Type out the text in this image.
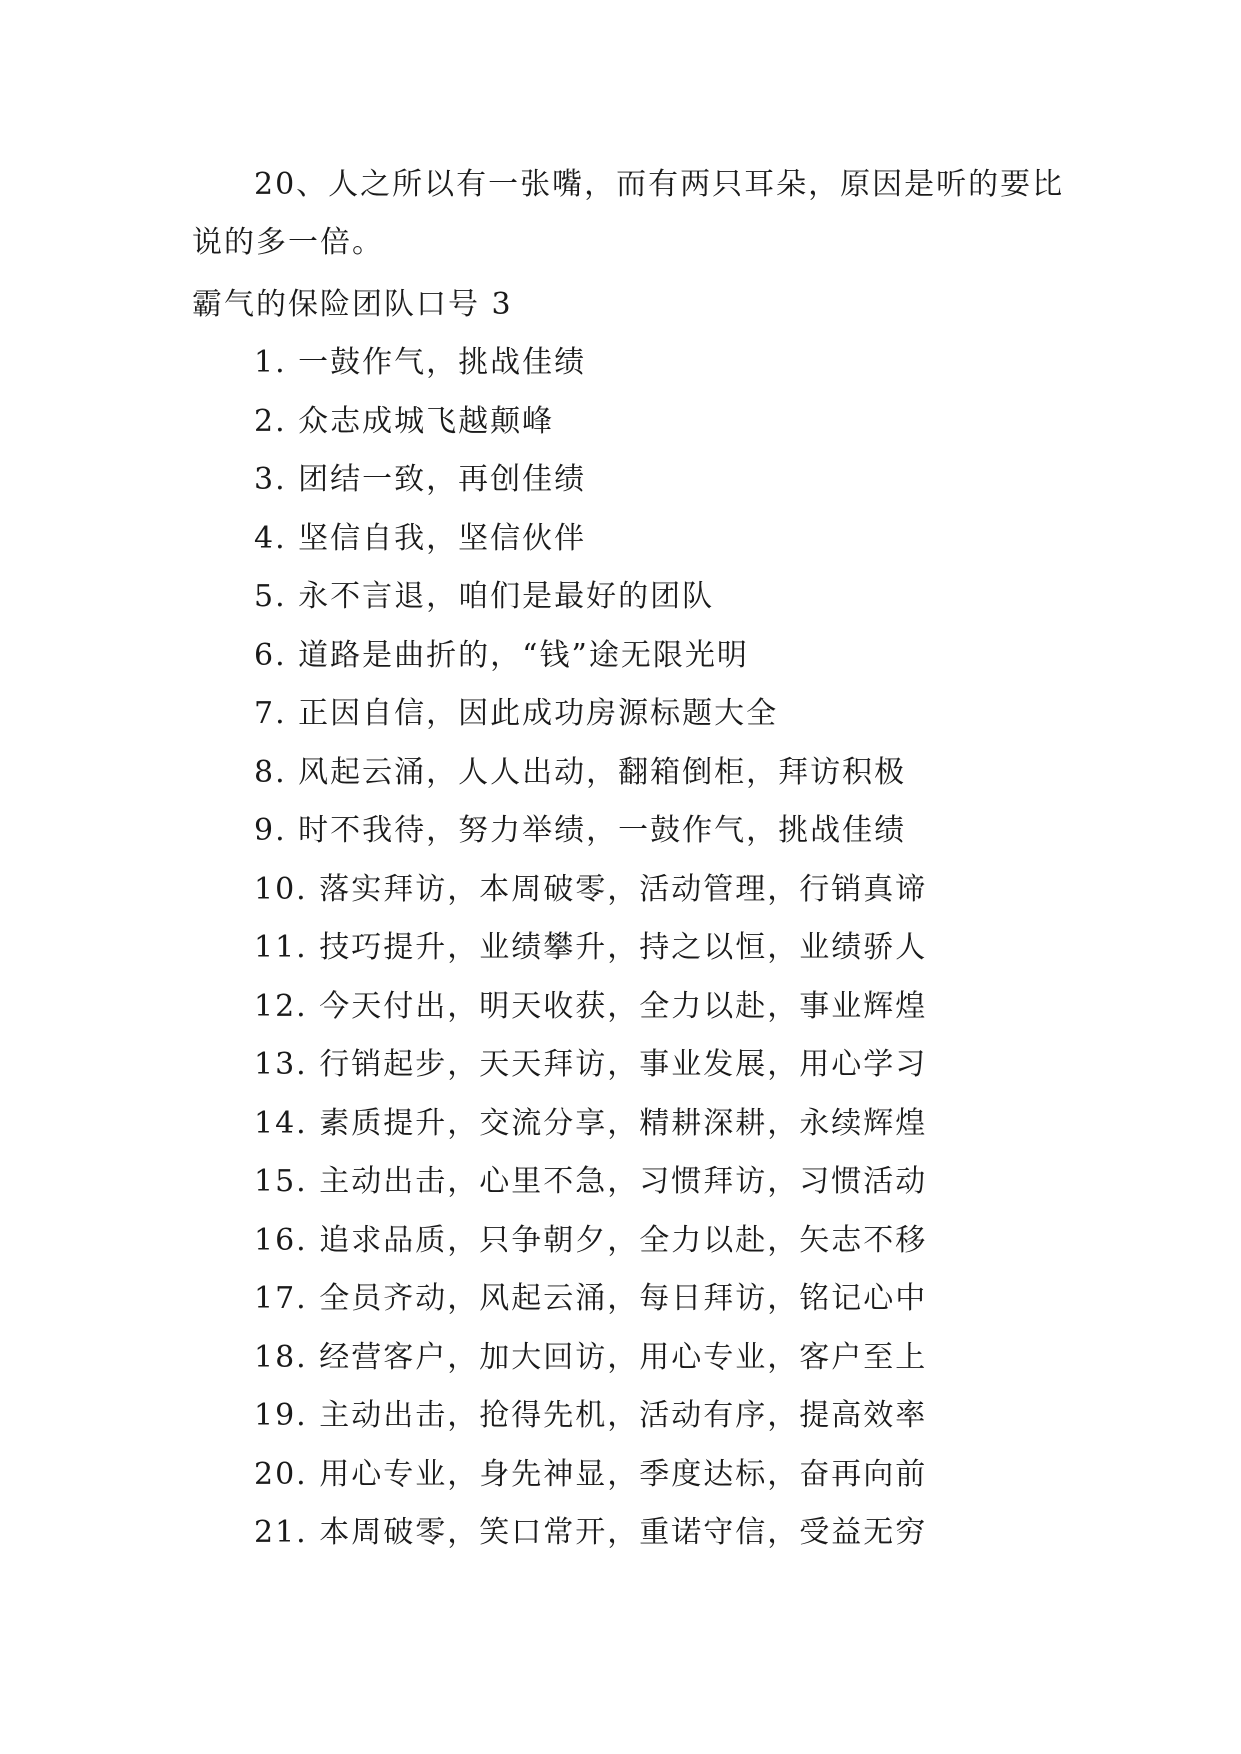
20、人之所以有一张嘴，而有两只耳朵，原因是听的要比说的多一倍。

霸气的保险团队口号 3
1. 一鼓作气，挑战佳绩
2. 众志成城飞越颠峰
3. 团结一致，再创佳绩
4. 坚信自我，坚信伙伴
5. 永不言退，咱们是最好的团队
6. 道路是曲折的，“钱”途无限光明
7. 正因自信，因此成功房源标题大全
8. 风起云涌，人人出动，翻箱倒柜，拜访积极
9. 时不我待，努力举绩，一鼓作气，挑战佳绩
10. 落实拜访，本周破零，活动管理，行销真谛
11. 技巧提升，业绩攀升，持之以恒，业绩骄人
12. 今天付出，明天收获，全力以赴，事业辉煌
13. 行销起步，天天拜访，事业发展，用心学习
14. 素质提升，交流分享，精耕深耕，永续辉煌
15. 主动出击，心里不急，习惯拜访，习惯活动
16. 追求品质，只争朝夕，全力以赴，矢志不移
17. 全员齐动，风起云涌，每日拜访，铭记心中
18. 经营客户，加大回访，用心专业，客户至上
19. 主动出击，抢得先机，活动有序，提高效率
20. 用心专业，身先神显，季度达标，奋再向前
21. 本周破零，笑口常开，重诺守信，受益无穷
